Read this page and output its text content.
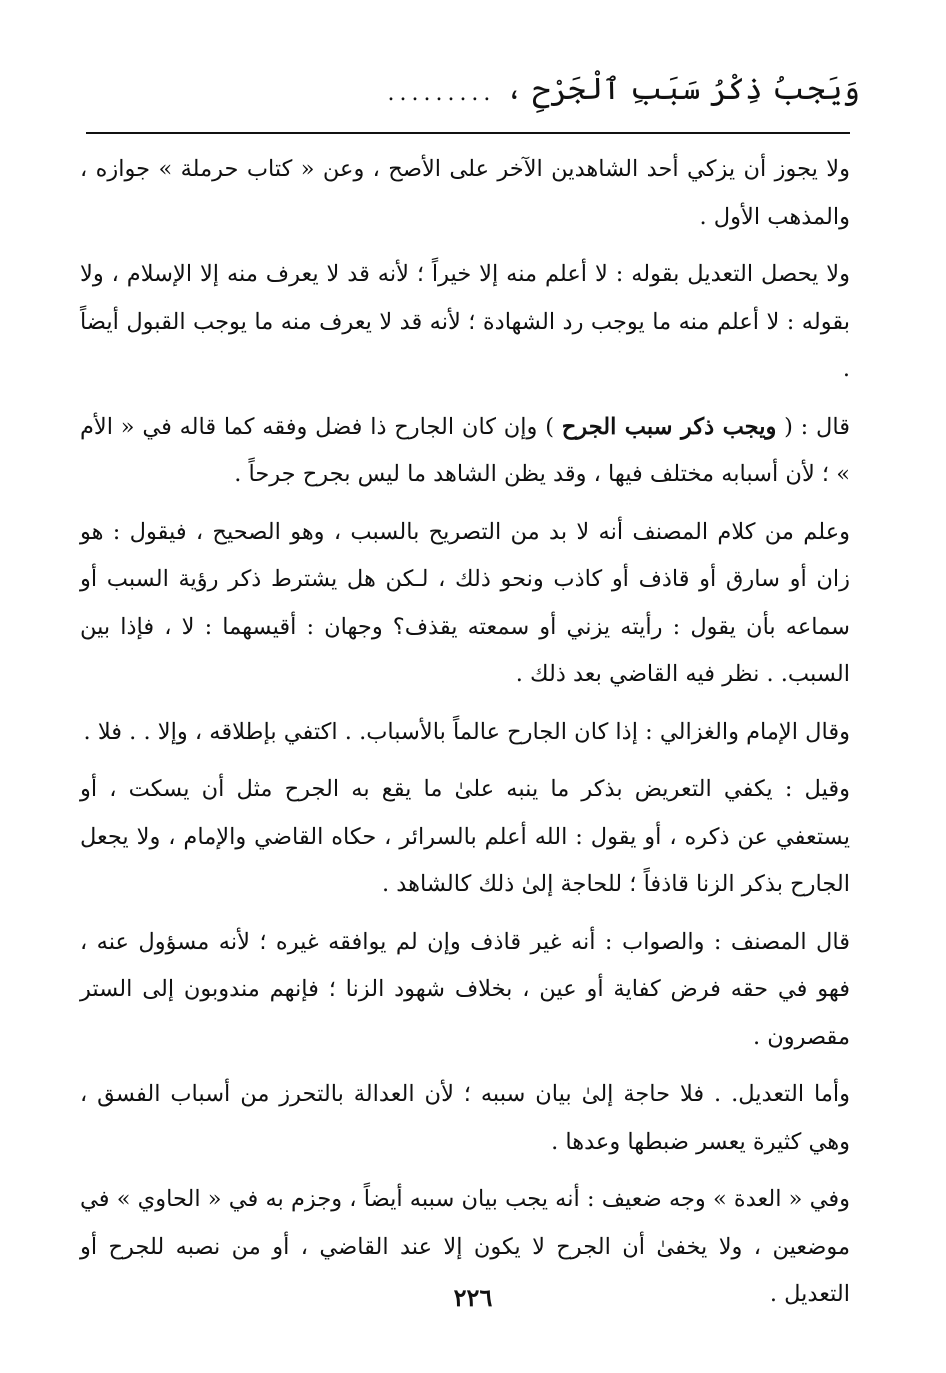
وَيَجبُ ذِكْرُ سَبَبِ ٱلْجَرْحِ ،
.........

ولا يجوز أن يزكي أحد الشاهدين الآخر على الأصح ، وعن « كتاب حرملة » جوازه ، والمذهب الأول .

ولا يحصل التعديل بقوله : لا أعلم منه إلا خيراً ؛ لأنه قد لا يعرف منه إلا الإسلام ، ولا بقوله : لا أعلم منه ما يوجب رد الشهادة ؛ لأنه قد لا يعرف منه ما يوجب القبول أيضاً .

قال : ( ويجب ذكر سبب الجرح ) وإن كان الجارح ذا فضل وفقه كما قاله في « الأم » ؛ لأن أسبابه مختلف فيها ، وقد يظن الشاهد ما ليس بجرح جرحاً .

وعلم من كلام المصنف أنه لا بد من التصريح بالسبب ، وهو الصحيح ، فيقول : هو زان أو سارق أو قاذف أو كاذب ونحو ذلك ، لـكن هل يشترط ذكر رؤية السبب أو سماعه بأن يقول : رأيته يزني أو سمعته يقذف؟ وجهان : أقيسهما : لا ، فإذا بين السبب. . نظر فيه القاضي بعد ذلك .

وقال الإمام والغزالي : إذا كان الجارح عالماً بالأسباب. . اكتفي بإطلاقه ، وإلا . . فلا .

وقيل : يكفي التعريض بذكر ما ينبه علىٰ ما يقع به الجرح مثل أن يسكت ، أو يستعفي عن ذكره ، أو يقول : الله أعلم بالسرائر ، حكاه القاضي والإمام ، ولا يجعل الجارح بذكر الزنا قاذفاً ؛ للحاجة إلىٰ ذلك كالشاهد .

قال المصنف : والصواب : أنه غير قاذف وإن لم يوافقه غيره ؛ لأنه مسؤول عنه ، فهو في حقه فرض كفاية أو عين ، بخلاف شهود الزنا ؛ فإنهم مندوبون إلى الستر مقصرون .

وأما التعديل. . فلا حاجة إلىٰ بيان سببه ؛ لأن العدالة بالتحرز من أسباب الفسق ، وهي كثيرة يعسر ضبطها وعدها .

وفي « العدة » وجه ضعيف : أنه يجب بيان سببه أيضاً ، وجزم به في « الحاوي » في موضعين ، ولا يخفىٰ أن الجرح لا يكون إلا عند القاضي ، أو من نصبه للجرح أو التعديل .

٢٢٦
